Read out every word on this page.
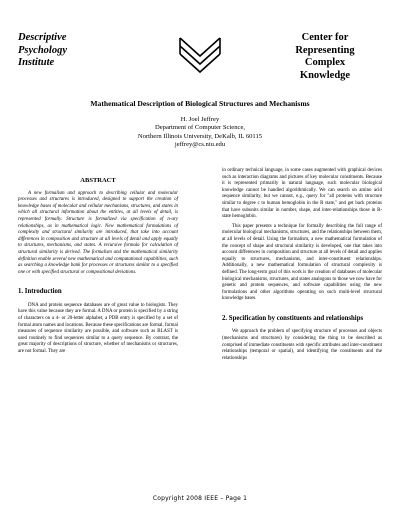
Descriptive
Psychology
Institute
Center for
Representing
Complex
Knowledge
Mathematical Description of Biological Structures and Mechanisms
H. Joel Jeffrey
Department of Computer Science,
Northern Illinois University, DeKalb, IL 60115
jeffrey@cs.niu.edu
ABSTRACT

A new formalism and approach to describing cellular and molecular processes and structures is introduced, designed to support the creation of knowledge bases of molecular and cellular mechanisms, structures, and states in which all structural information about the entities, at all levels of detail, is represented formally. Structure is formalized via specification of n-ary relationships, as in mathematical logic. New mathematical formulations of complexity and structural similarity are introduced, that take into account differences in composition and structure at all levels of detail and apply equally to structures, mechanisms, and states. A recursive formula for calculation of structural similarity is derived. The formalism and the mathematical similarity definition enable several new mathematical and computational capabilities, such as searching a knowledge bank for processes or structures similar to a specified one or with specified structural or compositional deviations.

1. Introduction

DNA and protein sequence databases are of great value to biologists. They have this value because they are formal. A DNA or protein is specified by a string of characters on a 4- or 20-letter alphabet, a PDB entry is specified by a set of formal atom names and locations. Because these specifications are formal, formal measures of sequence similarity are possible, and software such as BLAST is used routinely to find sequences similar to a query sequence. By contrast, the great majority of descriptions of structure, whether of mechanisms or structures, are not formal. They are

in ordinary technical language, in some cases augmented with graphical devices such as interaction diagrams and pictures of key molecular constituents. Because it is represented primarily in natural language, such molecular biological knowledge cannot be handled algorithmically. We can search on amino acid sequence similarity, but we cannot, e.g., query for "all proteins with structure similar to degree c to human hemoglobin in the R state," and get back proteins that have subunits similar in number, shape, and inter-relationships those in R-state hemoglobin.

This paper presents a technique for formally describing the full range of molecular biological mechanisms, structures, and the relationships between them, at all levels of detail. Using the formalism, a new mathematical formulation of the concept of shape and structural similarity is developed, one that takes into account differences in composition and structure at all levels of detail and applies equally to structures, mechanisms, and inter-constituent relationships. Additionally, a new mathematical formulation of structural complexity is defined. The long-term goal of this work is the creation of databases of molecular biological mechanisms, structures, and states analogous to those we now have for genetic and protein sequences, and software capabilities using the new formulations and other algorithms operating on such multi-level structural knowledge bases.

2. Specification by constituents and relationships

We approach the problem of specifying structure of processes and objects (mechanisms and structures) by considering the thing to be described as comprised of immediate constituents with specific attributes and inter-constituent relationships (temporal or spatial), and identifying the constituents and the relationships

Copyright 2008 IEEE – Page 1
